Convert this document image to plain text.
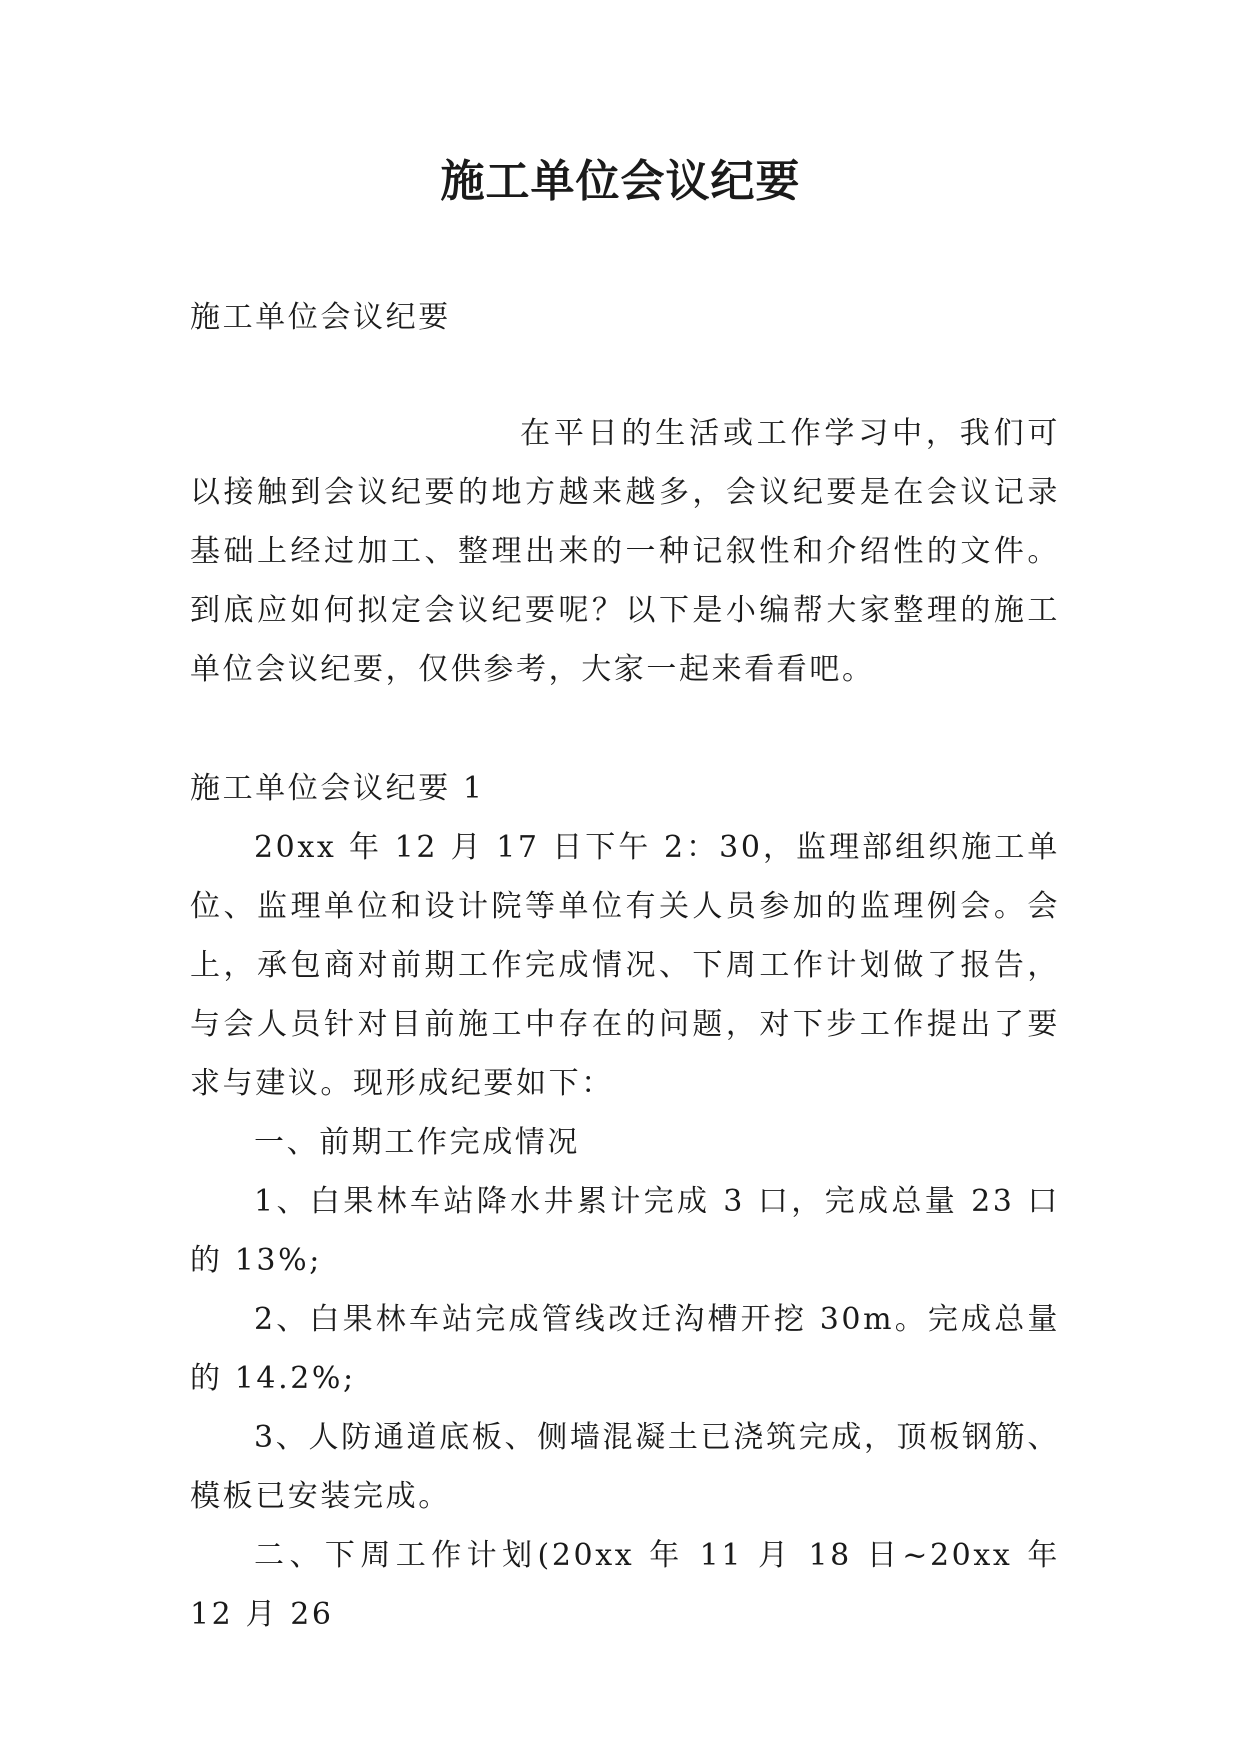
施工单位会议纪要

施工单位会议纪要

在平日的生活或工作学习中，我们可以接触到会议纪要的地方越来越多，会议纪要是在会议记录基础上经过加工、整理出来的一种记叙性和介绍性的文件。到底应如何拟定会议纪要呢？以下是小编帮大家整理的施工单位会议纪要，仅供参考，大家一起来看看吧。

施工单位会议纪要 1

20xx 年 12 月 17 日下午 2：30，监理部组织施工单位、监理单位和设计院等单位有关人员参加的监理例会。会上，承包商对前期工作完成情况、下周工作计划做了报告，与会人员针对目前施工中存在的问题，对下步工作提出了要求与建议。现形成纪要如下：

一、前期工作完成情况

1、白果林车站降水井累计完成 3 口，完成总量 23 口的 13%;

2、白果林车站完成管线改迁沟槽开挖 30m。完成总量的 14.2%;

3、人防通道底板、侧墙混凝土已浇筑完成，顶板钢筋、模板已安装完成。

二、下周工作计划(20xx 年 11 月 18 日~20xx 年 12 月 26
